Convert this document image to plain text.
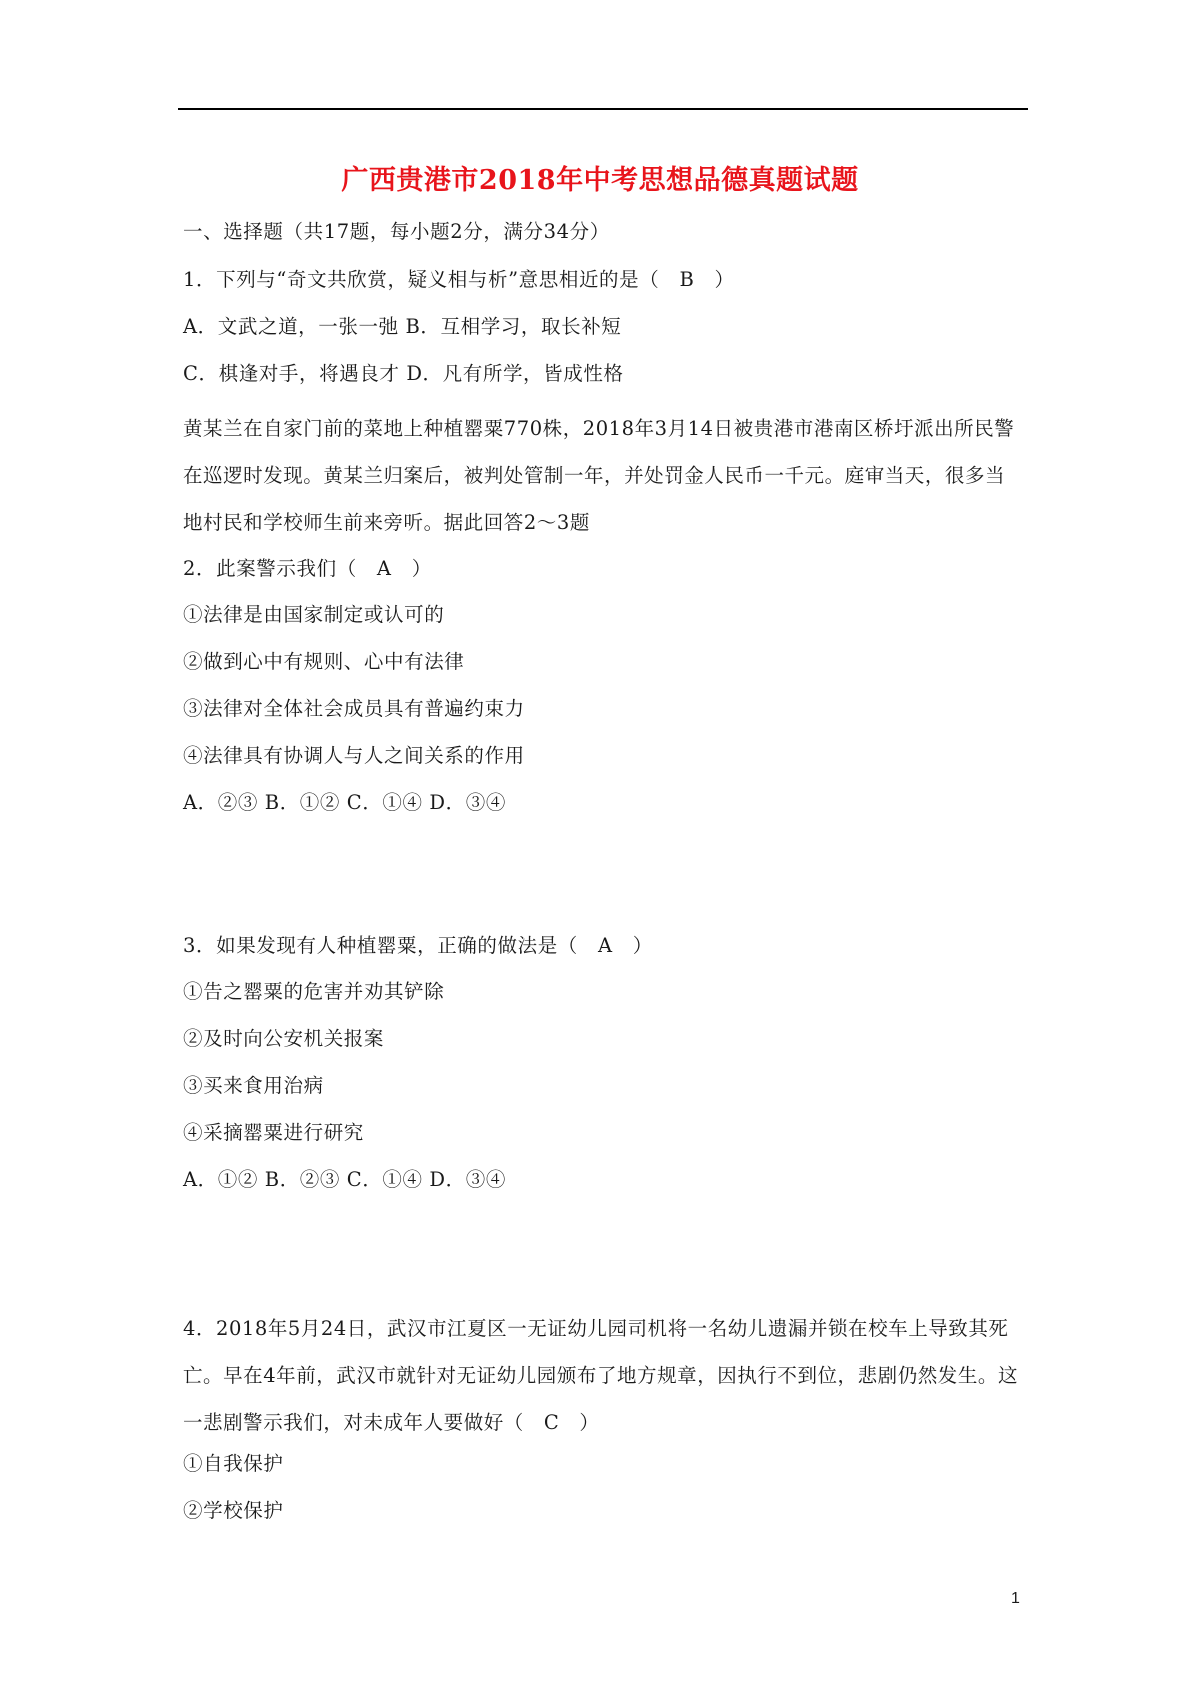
广西贵港市2018年中考思想品德真题试题
一、选择题（共17题，每小题2分，满分34分）
1．下列与“奇文共欣赏，疑义相与析”意思相近的是（　B　）
A．文武之道，一张一弛 B．互相学习，取长补短
C．棋逢对手，将遇良才 D．凡有所学，皆成性格
黄某兰在自家门前的菜地上种植罂粟770株，2018年3月14日被贵港市港南区桥圩派出所民警在巡逻时发现。黄某兰归案后，被判处管制一年，并处罚金人民币一千元。庭审当天，很多当地村民和学校师生前来旁听。据此回答2～3题
2．此案警示我们（　A　）
①法律是由国家制定或认可的
②做到心中有规则、心中有法律
③法律对全体社会成员具有普遍约束力
④法律具有协调人与人之间关系的作用
A．②③ B．①② C．①④ D．③④
3．如果发现有人种植罂粟，正确的做法是（　A　）
①告之罂粟的危害并劝其铲除
②及时向公安机关报案
③买来食用治病
④采摘罂粟进行研究
A．①② B．②③ C．①④ D．③④
4．2018年5月24日，武汉市江夏区一无证幼儿园司机将一名幼儿遗漏并锁在校车上导致其死亡。早在4年前，武汉市就针对无证幼儿园颁布了地方规章，因执行不到位，悲剧仍然发生。这一悲剧警示我们，对未成年人要做好（　C　）
①自我保护
②学校保护
1
